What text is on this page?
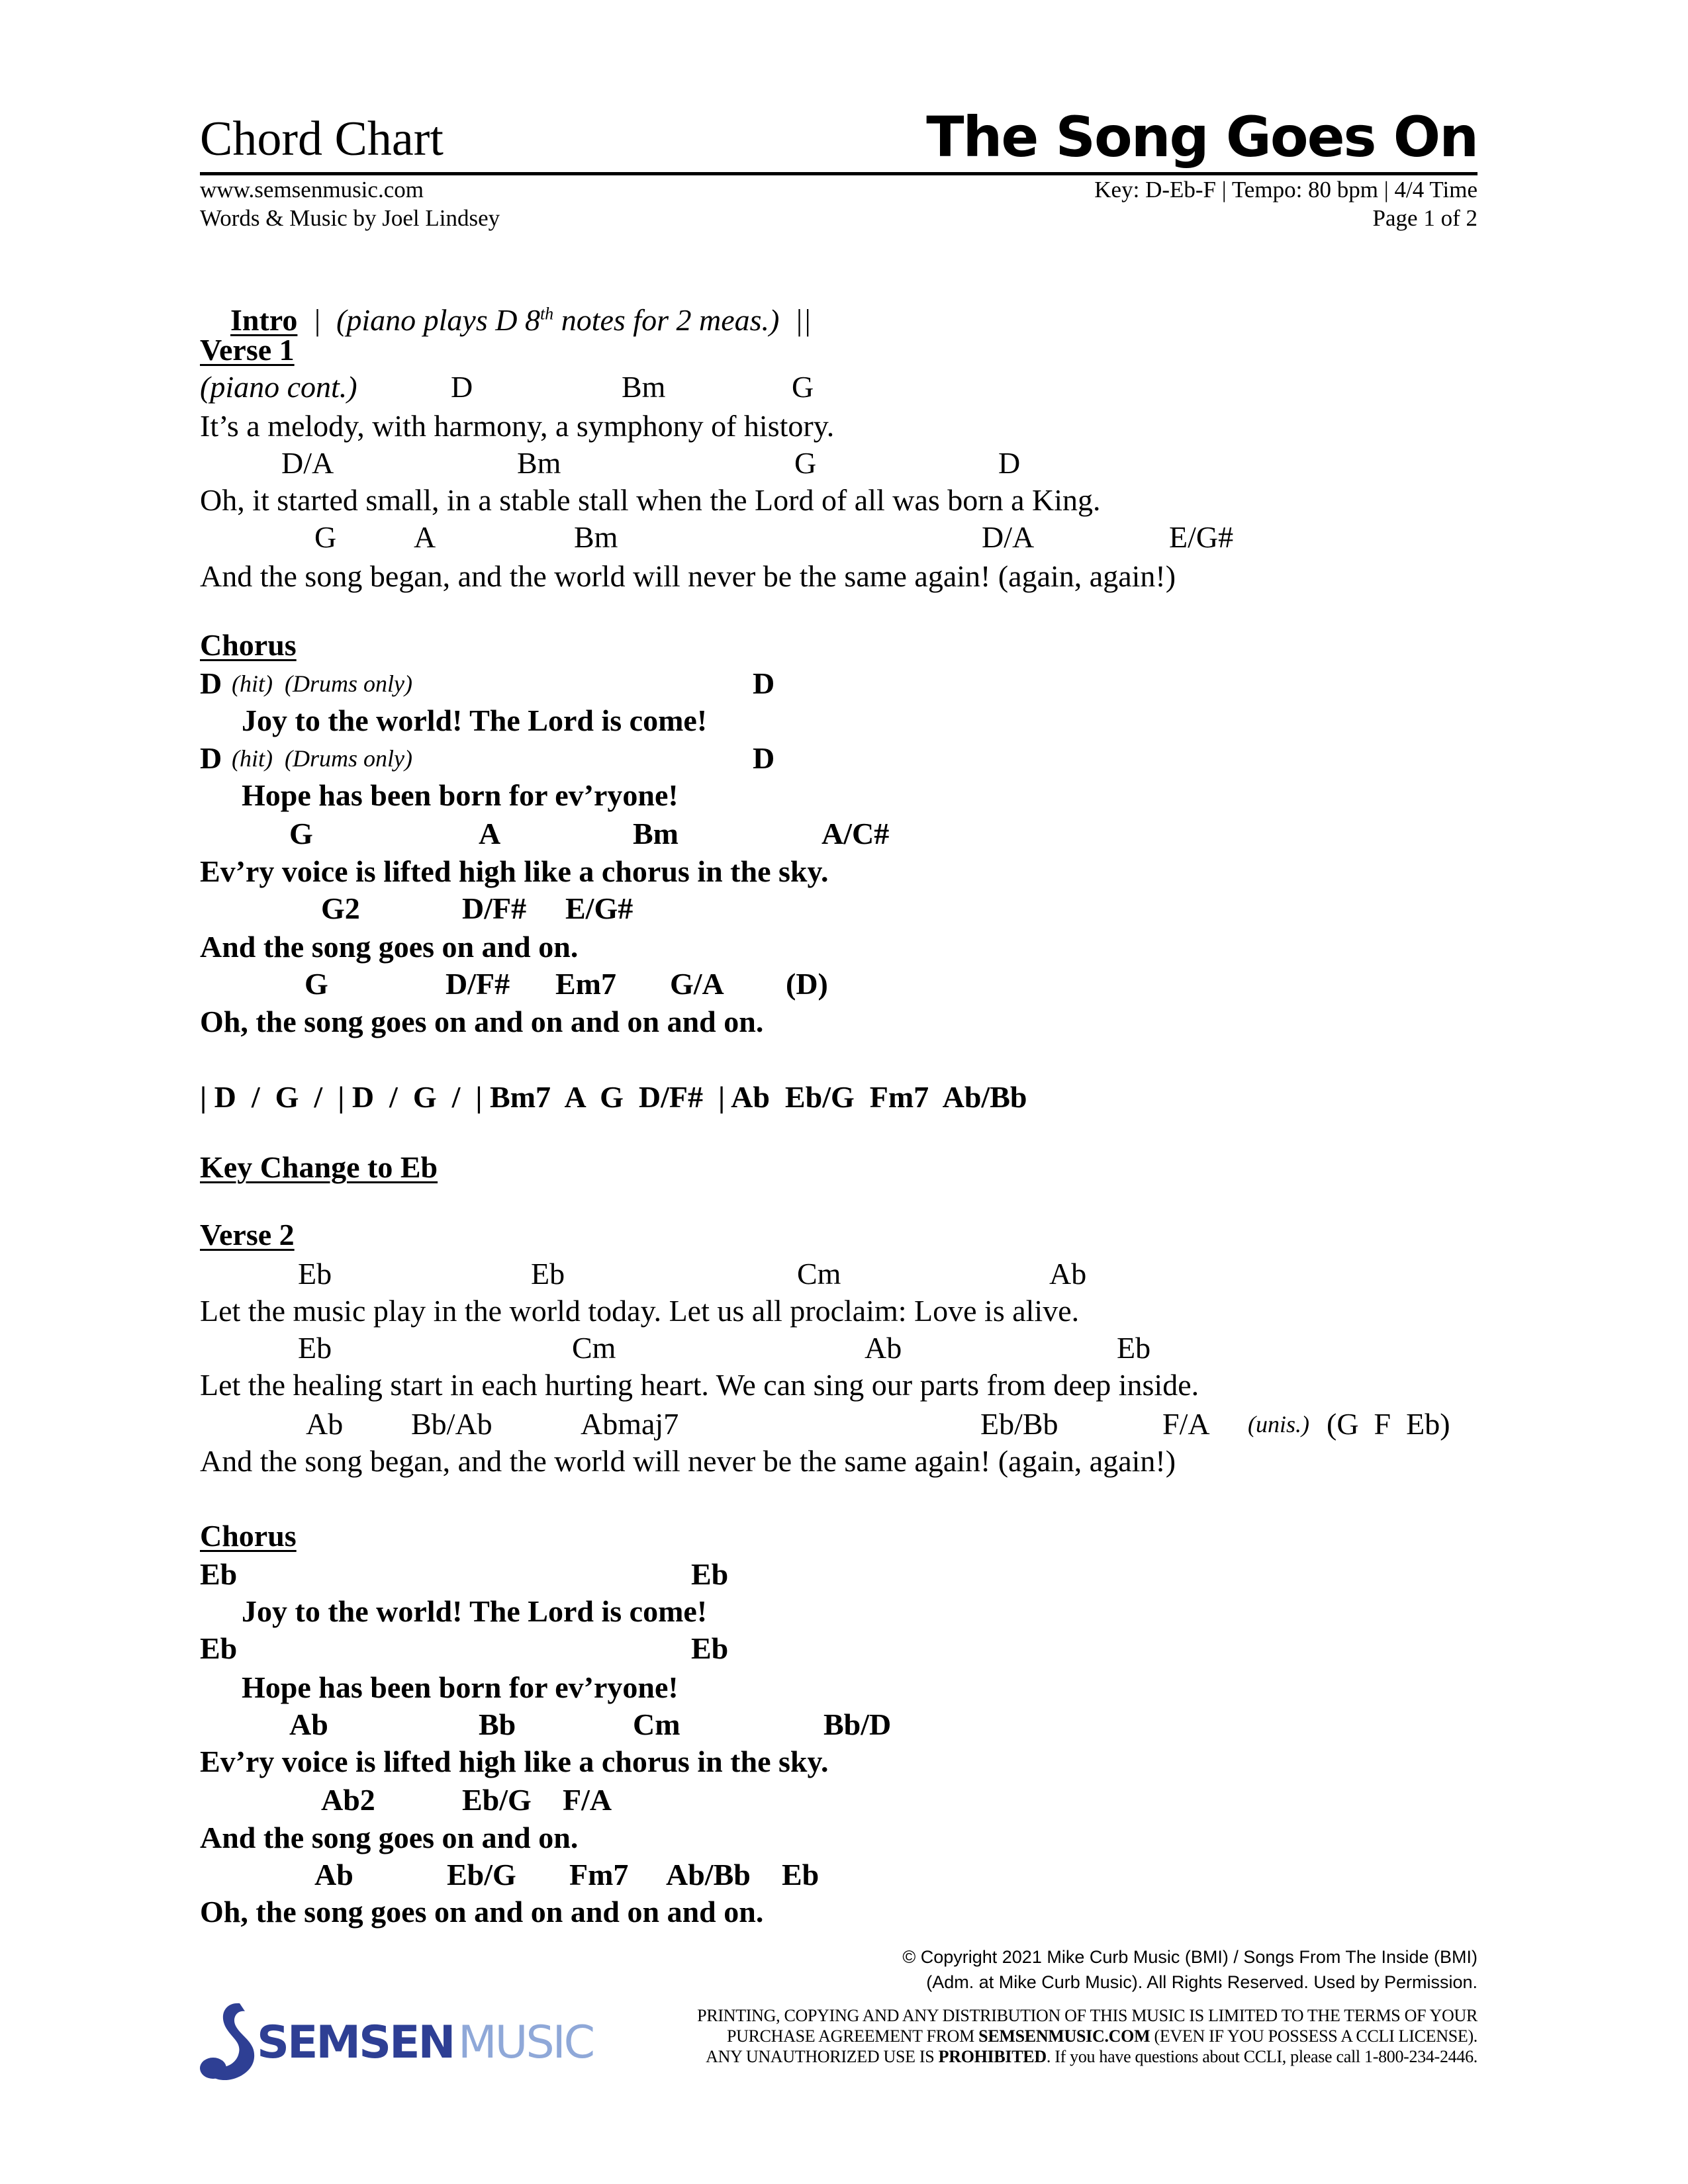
Chord Chart	The Song Goes On
www.semsenmusic.com
Words & Music by Joel Lindsey
Key: D-Eb-F | Tempo: 80 bpm | 4/4 Time
Page 1 of 2

Intro |  (piano plays D 8th notes for 2 meas.)  ||

Verse 1
(piano cont.)	D	Bm	G
It’s a melody, with harmony, a symphony of history.
D/A	Bm	G	D
Oh, it started small, in a stable stall when the Lord of all was born a King.
G	A	Bm	D/A	E/G#
And the song began, and the world will never be the same again! (again, again!)
Chorus
D (hit)  (Drums only)	D
Joy to the world! The Lord is come!
D (hit)  (Drums only)	D
Hope has been born for ev’ryone!
G	A	Bm	A/C#
Ev’ry voice is lifted high like a chorus in the sky.
G2	D/F# E/G#
And the song goes on and on.
G	D/F# Em7 G/A (D)
Oh, the song goes on and on and on and on.
| D  /  G  /  | D  /  G  /  | Bm7  A  G  D/F#  | Ab  Eb/G  Fm7  Ab/Bb
Key Change to Eb
Verse 2
Eb	Eb	Cm	Ab
Let the music play in the world today. Let us all proclaim: Love is alive.
Eb	Cm	Ab	Eb
Let the healing start in each hurting heart. We can sing our parts from deep inside.
Ab Bb/Ab	Abmaj7	Eb/Bb	F/A (unis.) (G  F  Eb)
And the song began, and the world will never be the same again! (again, again!)
Chorus
Eb	Eb
Joy to the world! The Lord is come!
Eb	Eb
Hope has been born for ev’ryone!
Ab	Bb	Cm	Bb/D
Ev’ry voice is lifted high like a chorus in the sky.
Ab2	Eb/G F/A
And the song goes on and on.
Ab	Eb/G Fm7 Ab/Bb Eb
Oh, the song goes on and on and on and on.
© Copyright 2021 Mike Curb Music (BMI) / Songs From The Inside (BMI)
(Adm. at Mike Curb Music). All Rights Reserved. Used by Permission.
PRINTING, COPYING AND ANY DISTRIBUTION OF THIS MUSIC IS LIMITED TO THE TERMS OF YOUR
PURCHASE AGREEMENT FROM SEMSENMUSIC.COM (EVEN IF YOU POSSESS A CCLI LICENSE).
ANY UNAUTHORIZED USE IS PROHIBITED. If you have questions about CCLI, please call 1-800-234-2446.

SEMSEN

MUSIC
